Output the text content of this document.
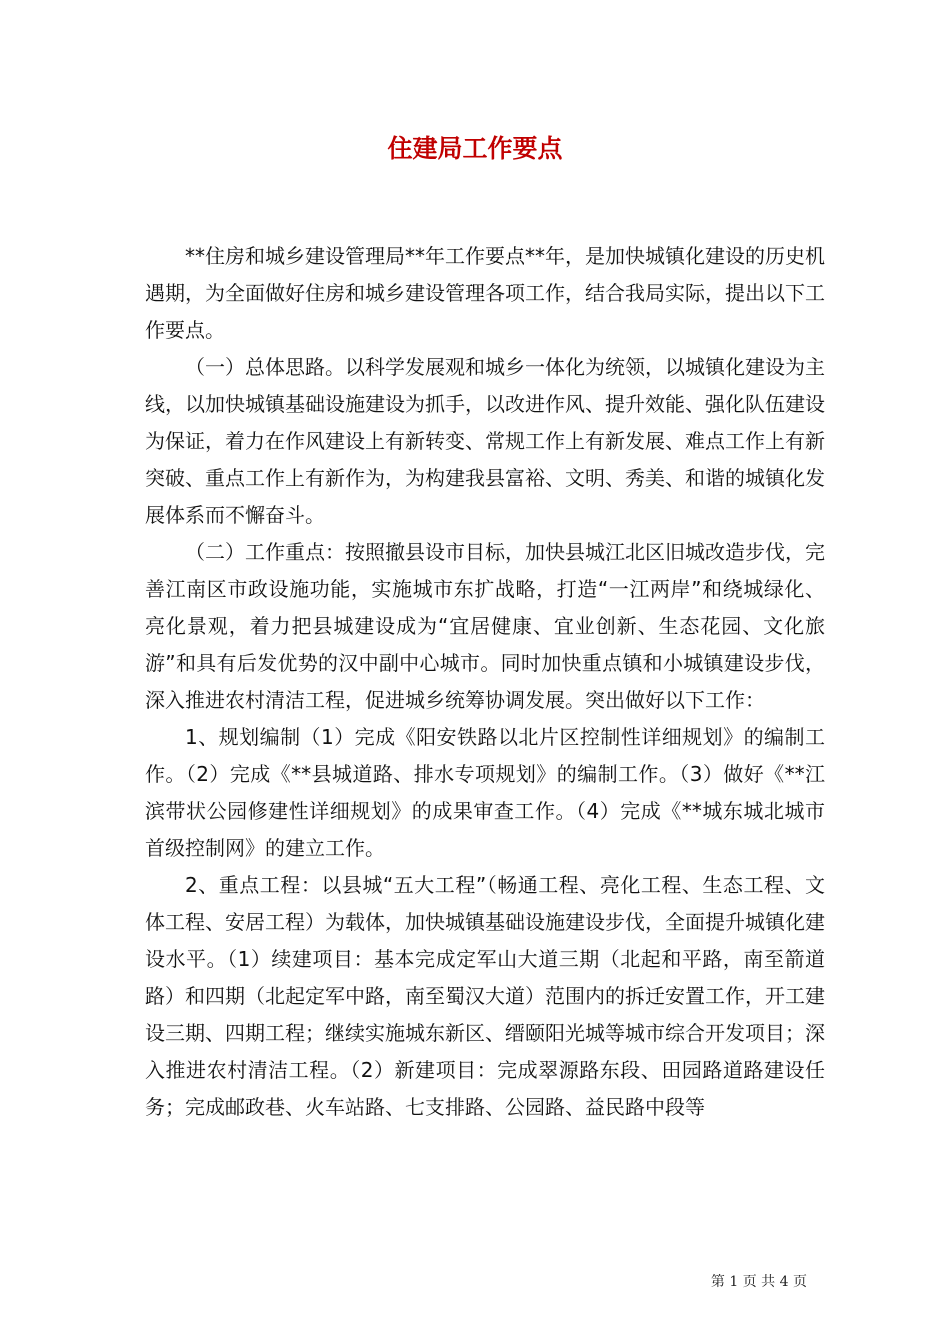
住建局工作要点

**住房和城乡建设管理局**年工作要点**年，是加快城镇化建设的历史机遇期，为全面做好住房和城乡建设管理各项工作，结合我局实际，提出以下工作要点。

（一）总体思路。以科学发展观和城乡一体化为统领，以城镇化建设为主线，以加快城镇基础设施建设为抓手，以改进作风、提升效能、强化队伍建设为保证，着力在作风建设上有新转变、常规工作上有新发展、难点工作上有新突破、重点工作上有新作为，为构建我县富裕、文明、秀美、和谐的城镇化发展体系而不懈奋斗。

（二）工作重点：按照撤县设市目标，加快县城江北区旧城改造步伐，完善江南区市政设施功能，实施城市东扩战略，打造“一江两岸”和绕城绿化、亮化景观，着力把县城建设成为“宜居健康、宜业创新、生态花园、文化旅游”和具有后发优势的汉中副中心城市。同时加快重点镇和小城镇建设步伐，深入推进农村清洁工程，促进城乡统筹协调发展。突出做好以下工作：

1、规划编制（1）完成《阳安铁路以北片区控制性详细规划》的编制工作。（2）完成《**县城道路、排水专项规划》的编制工作。（3）做好《**江滨带状公园修建性详细规划》的成果审查工作。（4）完成《**城东城北城市首级控制网》的建立工作。

2、重点工程：以县城“五大工程”（畅通工程、亮化工程、生态工程、文体工程、安居工程）为载体，加快城镇基础设施建设步伐，全面提升城镇化建设水平。（1）续建项目：基本完成定军山大道三期（北起和平路，南至箭道路）和四期（北起定军中路，南至蜀汉大道）范围内的拆迁安置工作，开工建设三期、四期工程；继续实施城东新区、缙颐阳光城等城市综合开发项目；深入推进农村清洁工程。（2）新建项目：完成翠源路东段、田园路道路建设任务；完成邮政巷、火车站路、七支排路、公园路、益民路中段等

第 1 页 共 4 页
